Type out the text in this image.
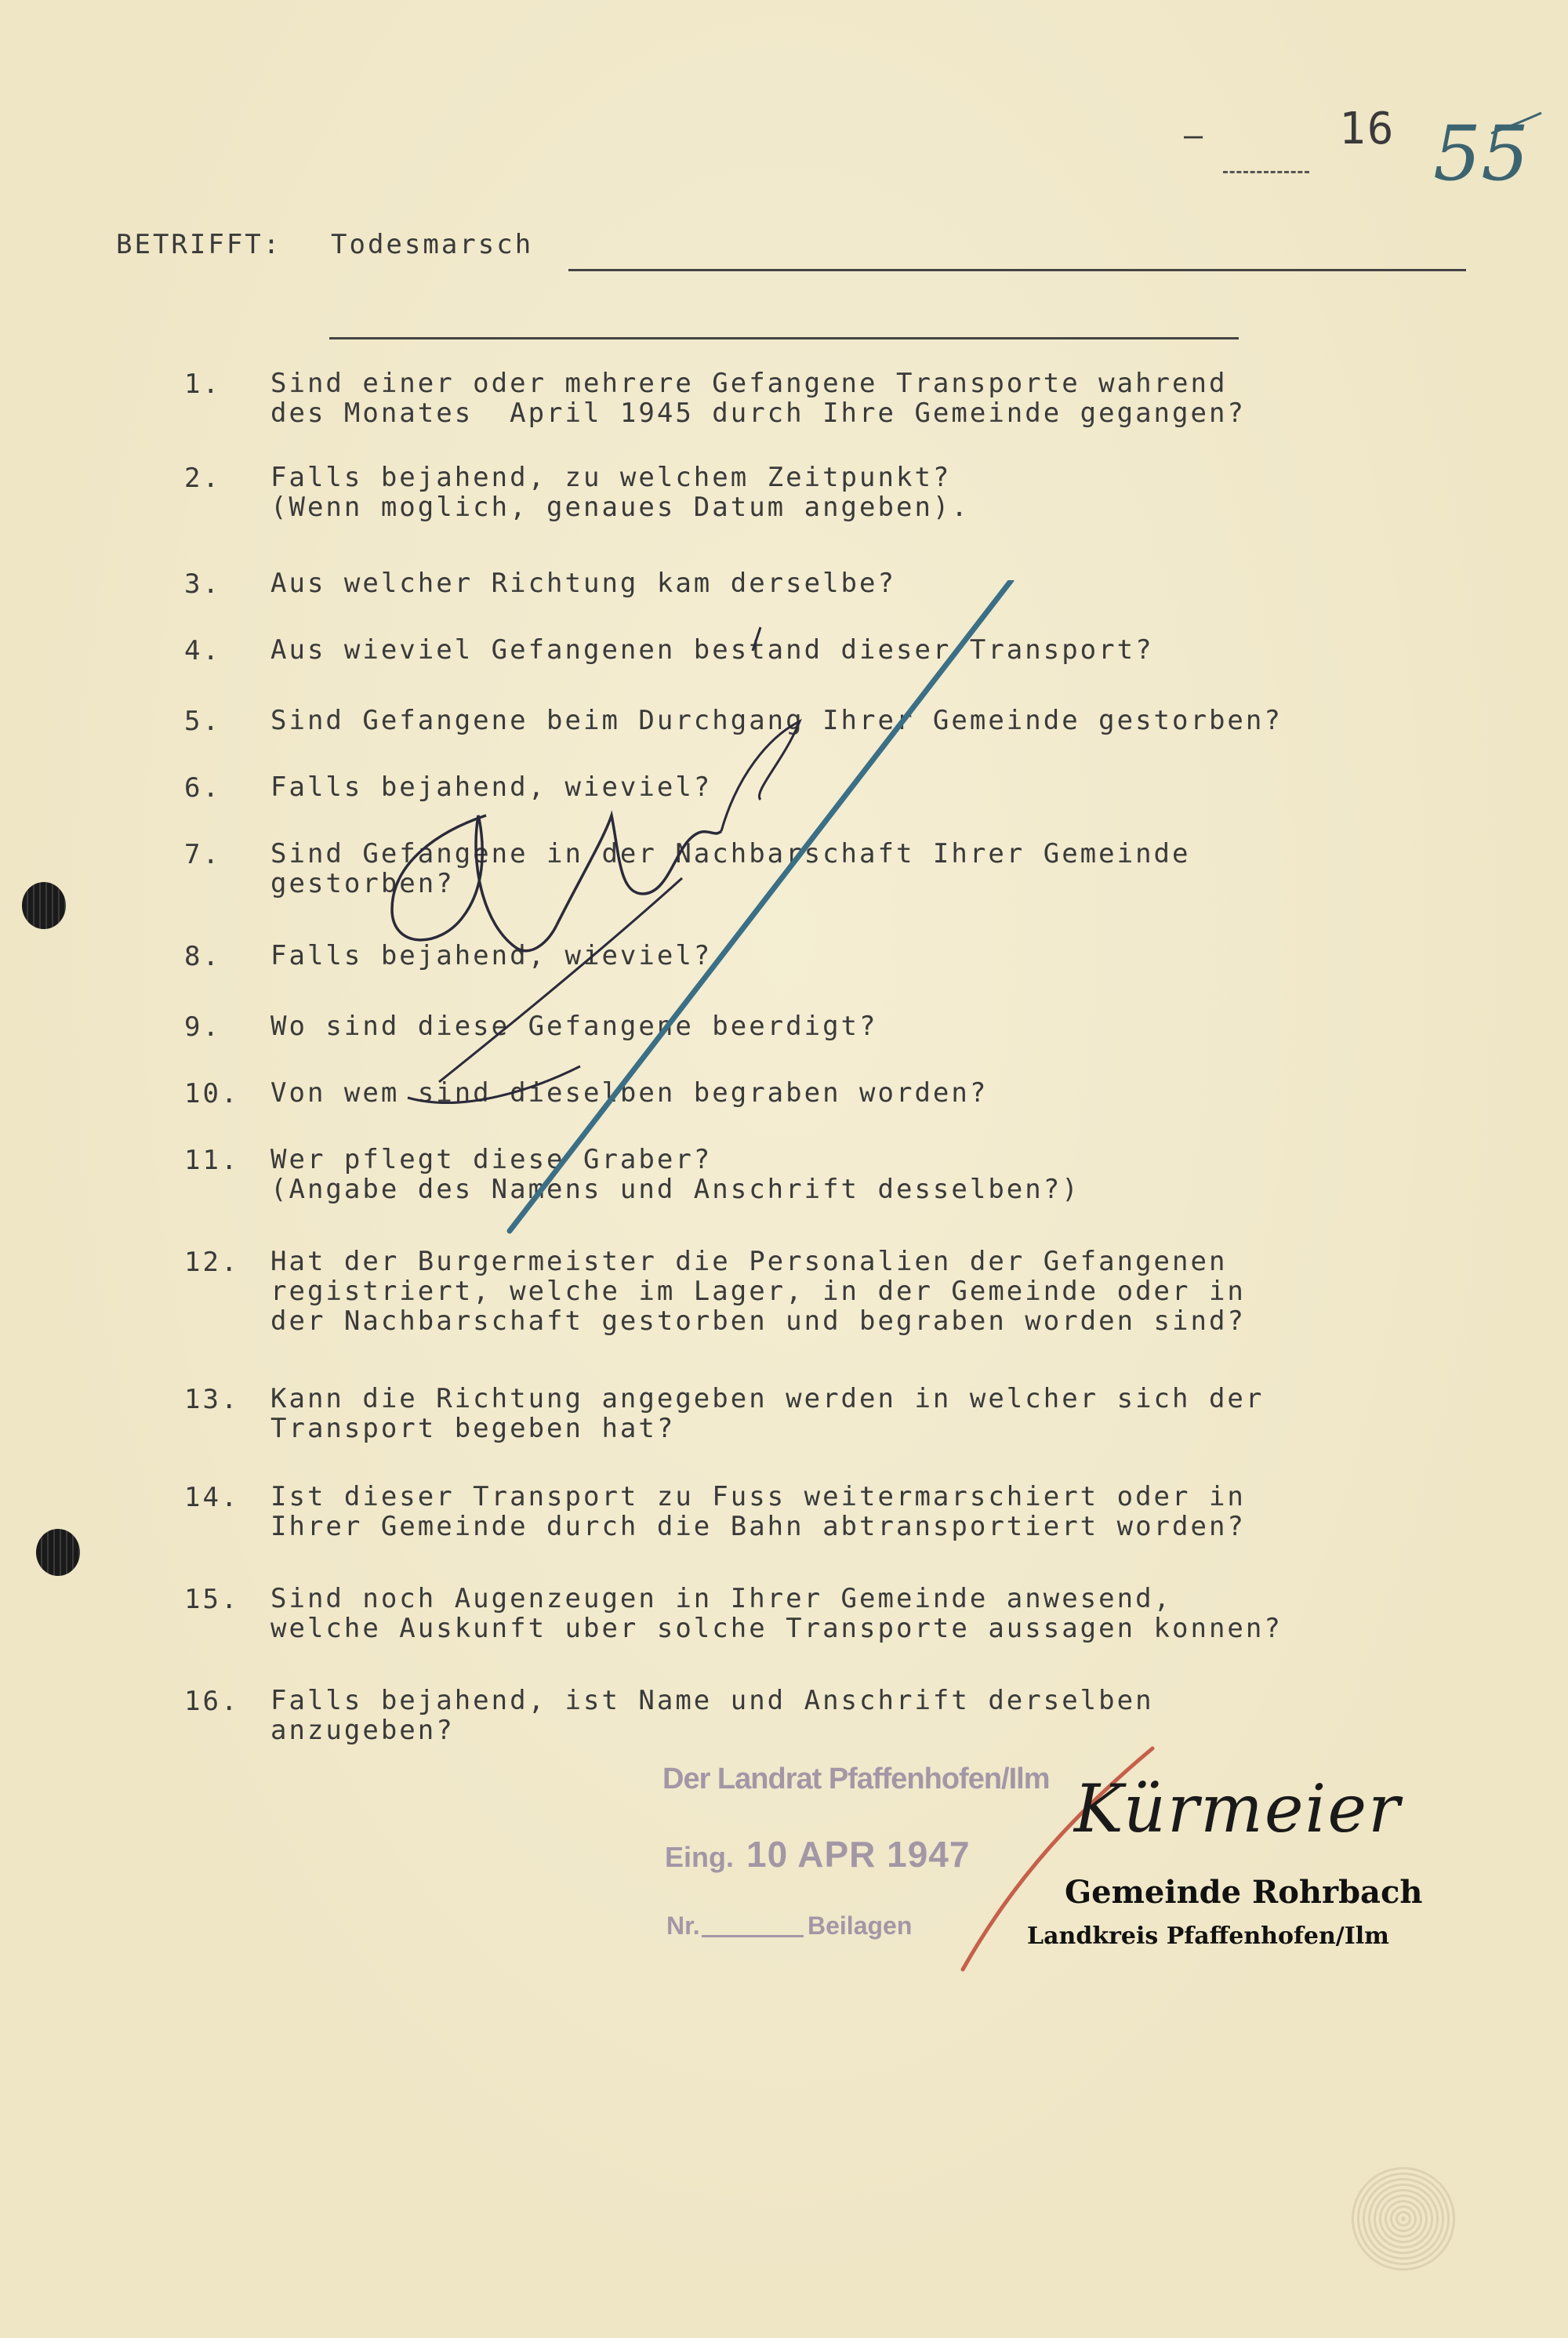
–	16 55
BETRIFFT: Todesmarsch
1. Sind einer oder mehrere Gefangene Transporte wahrend
des Monates  April 1945 durch Ihre Gemeinde gegangen?
2. Falls bejahend, zu welchem Zeitpunkt?
(Wenn moglich, genaues Datum angeben).
3. Aus welcher Richtung kam derselbe?
4. Aus wieviel Gefangenen bestand dieser Transport?
5. Sind Gefangene beim Durchgang Ihrer Gemeinde gestorben?
6. Falls bejahend, wieviel?
7. Sind Gefangene in der Nachbarschaft Ihrer Gemeinde
gestorben?
8. Falls bejahend, wieviel?
9. Wo sind diese Gefangene beerdigt?
10. Von wem sind dieselben begraben worden?
11. Wer pflegt diese Graber?
(Angabe des Namens und Anschrift desselben?)
12. Hat der Burgermeister die Personalien der Gefangenen
registriert, welche im Lager, in der Gemeinde oder in
der Nachbarschaft gestorben und begraben worden sind?
13. Kann die Richtung angegeben werden in welcher sich der
Transport begeben hat?
14. Ist dieser Transport zu Fuss weitermarschiert oder in
Ihrer Gemeinde durch die Bahn abtransportiert worden?
15. Sind noch Augenzeugen in Ihrer Gemeinde anwesend,
welche Auskunft uber solche Transporte aussagen konnen?
16. Falls bejahend, ist Name und Anschrift derselben
anzugeben?
Der Landrat Pfaffenhofen/Ilm
Eing. 10 APR 1947
Nr.	Beilagen
Kürmeier
Gemeinde Rohrbach
Landkreis Pfaffenhofen/Ilm
